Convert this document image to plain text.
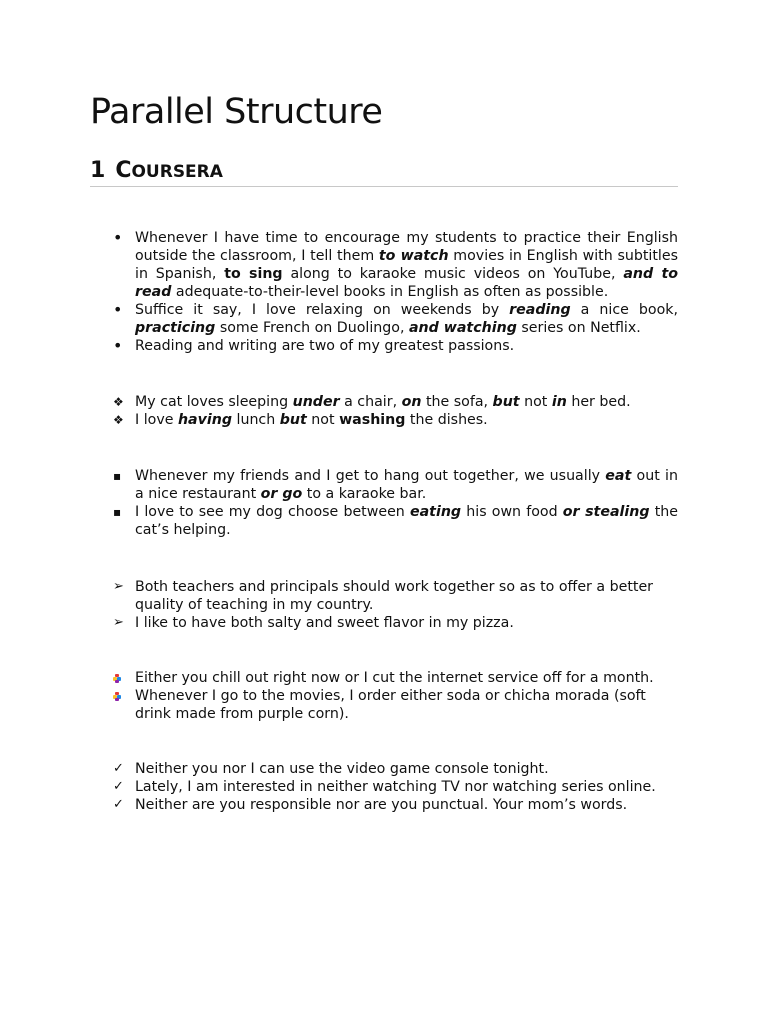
Parallel Structure
1 COURSERA
•
Whenever I have time to encourage my students to practice their English outside the classroom, I tell them to watch movies in English with subtitles in Spanish, to sing along to karaoke music videos on YouTube, and to read adequate-to-their-level books in English as often as possible.
•
Suffice it say, I love relaxing on weekends by reading a nice book, practicing some French on Duolingo, and watching series on Netflix.
•
Reading and writing are two of my greatest passions.
❖
My cat loves sleeping under a chair, on the sofa, but not in her bed.
❖
I love having lunch but not washing the dishes.
▪
Whenever my friends and I get to hang out together, we usually eat out in a nice restaurant or go to a karaoke bar.
▪
I love to see my dog choose between eating his own food or stealing the cat’s helping.
➢
Both teachers and principals should work together so as to offer a better quality of teaching in my country.
➢
I like to have both salty and sweet flavor in my pizza.
Either you chill out right now or I cut the internet service off for a month.
Whenever I go to the movies, I order either soda or chicha morada (soft drink made from purple corn).
✓
Neither you nor I can use the video game console tonight.
✓
Lately, I am interested in neither watching TV nor watching series online.
✓
Neither are you responsible nor are you punctual. Your mom’s words.
